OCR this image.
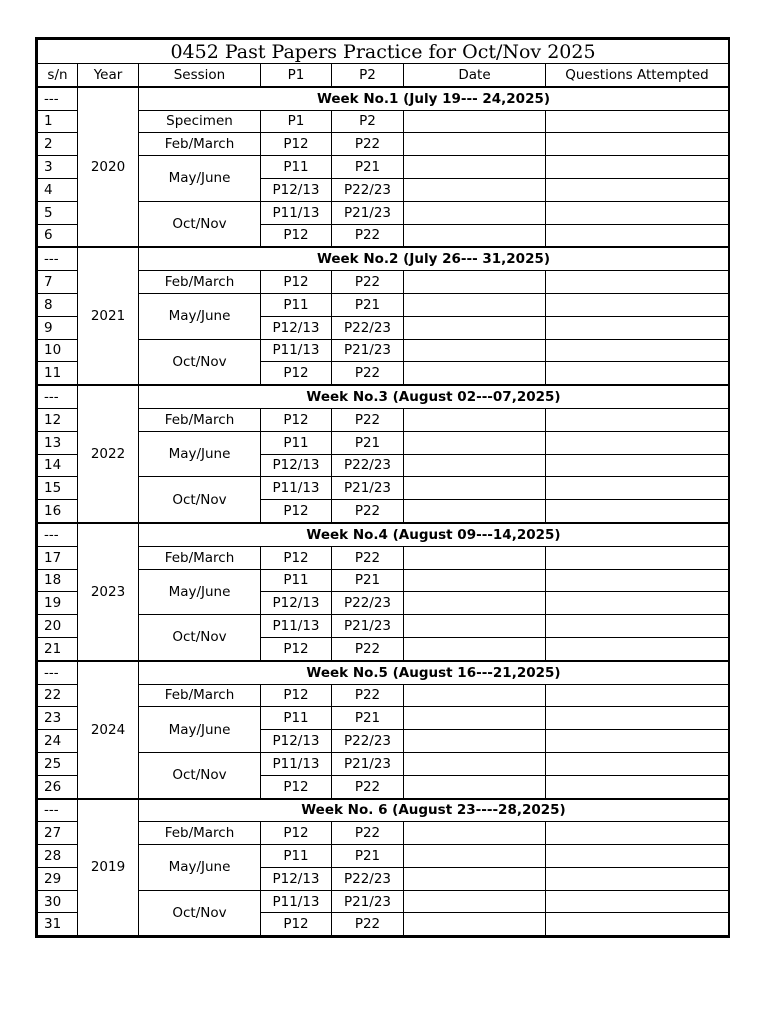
0452 Past Papers Practice for Oct/Nov 2025						
s/n	Year	Session	P1	P2	Date	Questions Attempted
---	2020	Week No.1 (July 19--- 24,2025)				
1		Specimen	P1	P2		
2		Feb/March	P12	P22		
3		May/June	P11	P21		
4			P12/13	P22/23		
5		Oct/Nov	P11/13	P21/23		
6			P12	P22		
---	2021	Week No.2 (July 26--- 31,2025)				
7		Feb/March	P12	P22		
8		May/June	P11	P21		
9			P12/13	P22/23		
10		Oct/Nov	P11/13	P21/23		
11			P12	P22		
---	2022	Week No.3 (August 02---07,2025)				
12		Feb/March	P12	P22		
13		May/June	P11	P21		
14			P12/13	P22/23		
15		Oct/Nov	P11/13	P21/23		
16			P12	P22		
---	2023	Week No.4 (August 09---14,2025)				
17		Feb/March	P12	P22		
18		May/June	P11	P21		
19			P12/13	P22/23		
20		Oct/Nov	P11/13	P21/23		
21			P12	P22		
---	2024	Week No.5 (August 16---21,2025)				
22		Feb/March	P12	P22		
23		May/June	P11	P21		
24			P12/13	P22/23		
25		Oct/Nov	P11/13	P21/23		
26			P12	P22		
---	2019	Week No. 6 (August 23----28,2025)				
27		Feb/March	P12	P22		
28		May/June	P11	P21		
29			P12/13	P22/23		
30		Oct/Nov	P11/13	P21/23		
31			P12	P22		
